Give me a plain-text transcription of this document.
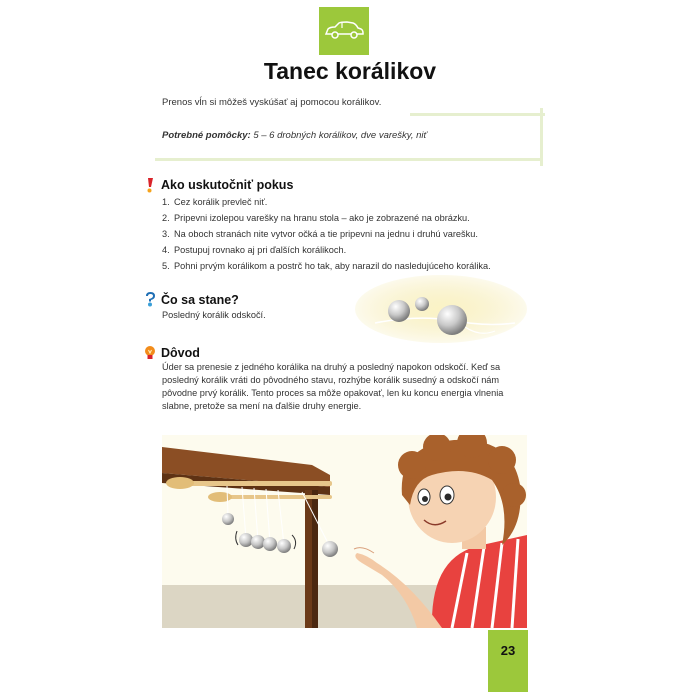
Tanec korálikov
Prenos vĺn si môžeš vyskúšať aj pomocou korálikov.
Potrebné pomôcky: 5 – 6 drobných korálikov, dve varešky, niť
Ako uskutočniť pokus
1. Cez korálik prevleč niť.
2. Pripevni izolepou varešky na hranu stola – ako je zobrazené na obrázku.
3. Na oboch stranách nite vytvor očká a tie pripevni na jednu i druhú varešku.
4. Postupuj rovnako aj pri ďalších korálikoch.
5. Pohni prvým korálikom a postrč ho tak, aby narazil do nasledujúceho korálika.
Čo sa stane?
Posledný korálik odskočí.
Dôvod
Úder sa prenesie z jedného korálika na druhý a posledný napokon odskočí. Keď sa
posledný korálik vráti do pôvodného stavu, rozhýbe korálik susedný a odskočí nám
pôvodne prvý korálik. Tento proces sa môže opakovať, len ku koncu energia vlnenia
slabne, pretože sa mení na ďalšie druhy energie.
23
